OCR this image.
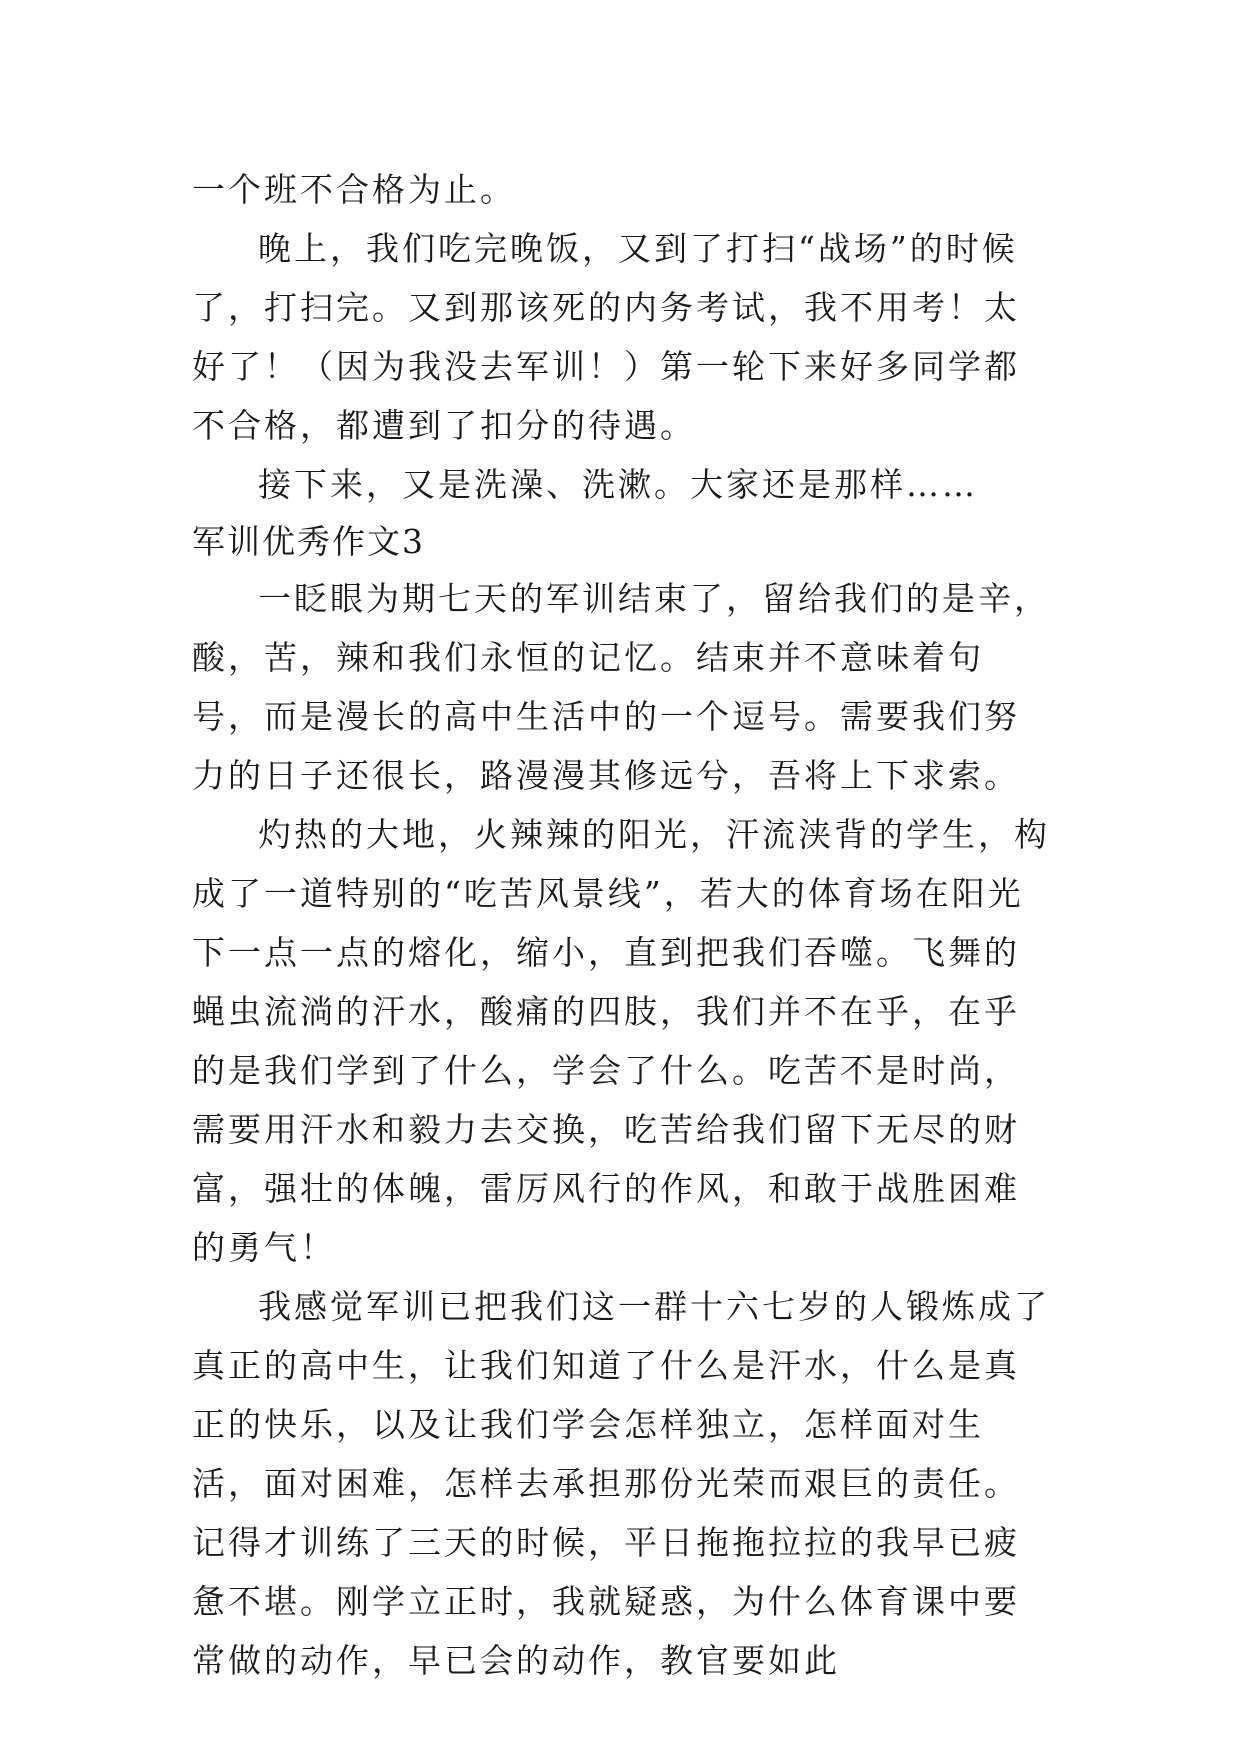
一个班不合格为止。

晚上，我们吃完晚饭，又到了打扫“战场”的时候了，打扫完。又到那该死的内务考试，我不用考！太好了！（因为我没去军训！）第一轮下来好多同学都不合格，都遭到了扣分的待遇。

接下来，又是洗澡、洗漱。大家还是那样……

军训优秀作文3

一眨眼为期七天的军训结束了，留给我们的是辛，酸，苦，辣和我们永恒的记忆。结束并不意味着句号，而是漫长的高中生活中的一个逗号。需要我们努力的日子还很长，路漫漫其修远兮，吾将上下求索。

灼热的大地，火辣辣的阳光，汗流浃背的学生，构成了一道特别的“吃苦风景线”，若大的体育场在阳光下一点一点的熔化，缩小，直到把我们吞噬。飞舞的蝇虫流淌的汗水，酸痛的四肢，我们并不在乎，在乎的是我们学到了什么，学会了什么。吃苦不是时尚，需要用汗水和毅力去交换，吃苦给我们留下无尽的财富，强壮的体魄，雷厉风行的作风，和敢于战胜困难的勇气！

我感觉军训已把我们这一群十六七岁的人锻炼成了真正的高中生，让我们知道了什么是汗水，什么是真正的快乐，以及让我们学会怎样独立，怎样面对生活，面对困难，怎样去承担那份光荣而艰巨的责任。记得才训练了三天的时候，平日拖拖拉拉的我早已疲惫不堪。刚学立正时，我就疑惑，为什么体育课中要常做的动作，早已会的动作，教官要如此
